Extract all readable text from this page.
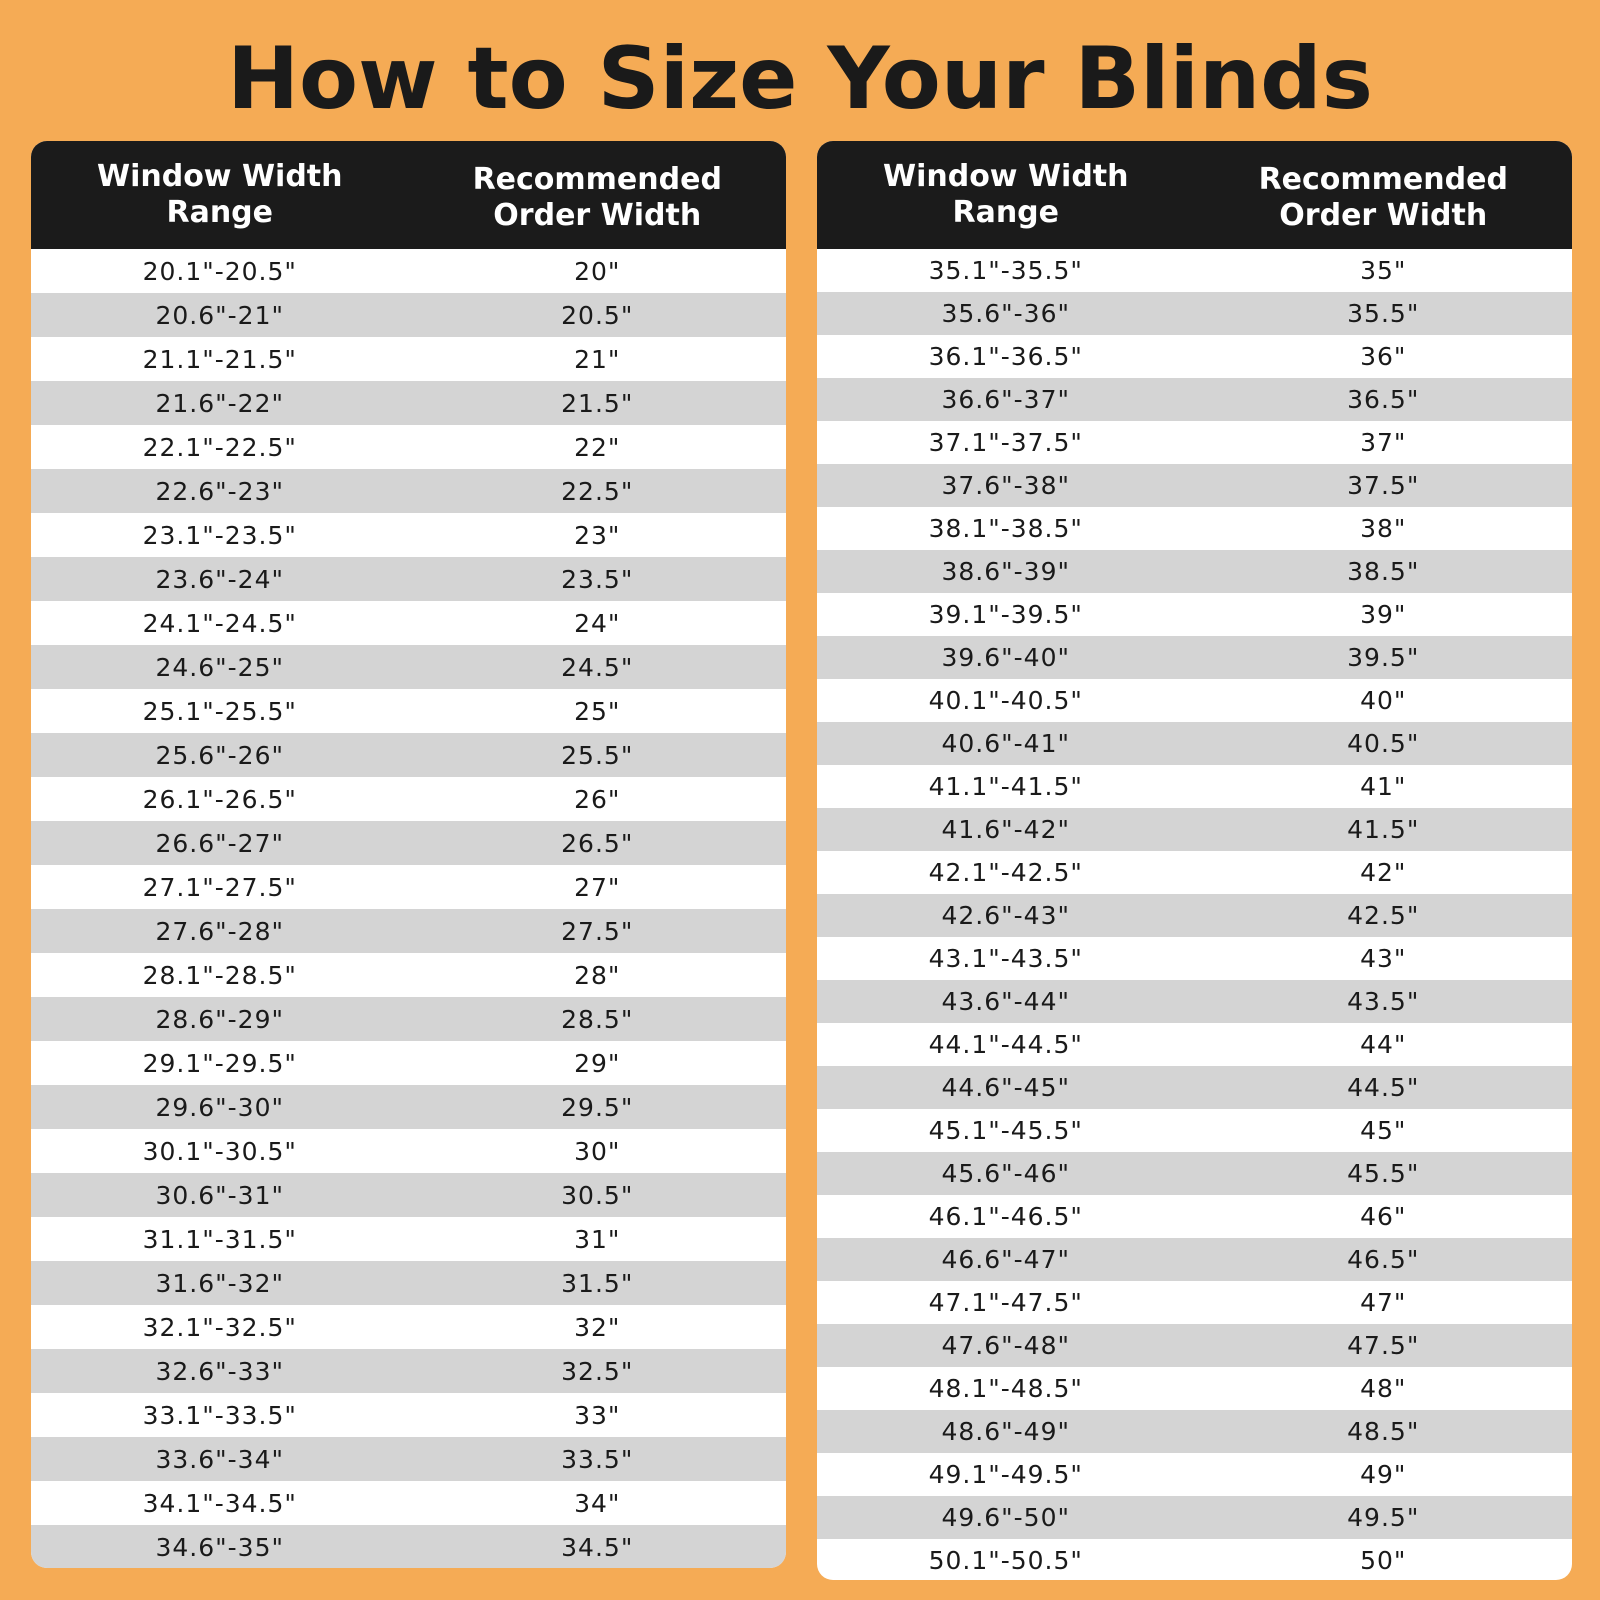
How to Size Your Blinds
Window Width
Range
Recommended
Order Width
20.1"-20.5"	20"
20.6"-21"	20.5"
21.1"-21.5"	21"
21.6"-22"	21.5"
22.1"-22.5"	22"
22.6"-23"	22.5"
23.1"-23.5"	23"
23.6"-24"	23.5"
24.1"-24.5"	24"
24.6"-25"	24.5"
25.1"-25.5"	25"
25.6"-26"	25.5"
26.1"-26.5"	26"
26.6"-27"	26.5"
27.1"-27.5"	27"
27.6"-28"	27.5"
28.1"-28.5"	28"
28.6"-29"	28.5"
29.1"-29.5"	29"
29.6"-30"	29.5"
30.1"-30.5"	30"
30.6"-31"	30.5"
31.1"-31.5"	31"
31.6"-32"	31.5"
32.1"-32.5"	32"
32.6"-33"	32.5"
33.1"-33.5"	33"
33.6"-34"	33.5"
34.1"-34.5"	34"
34.6"-35"	34.5"
Window Width
Range
Recommended
Order Width
35.1"-35.5"	35"
35.6"-36"	35.5"
36.1"-36.5"	36"
36.6"-37"	36.5"
37.1"-37.5"	37"
37.6"-38"	37.5"
38.1"-38.5"	38"
38.6"-39"	38.5"
39.1"-39.5"	39"
39.6"-40"	39.5"
40.1"-40.5"	40"
40.6"-41"	40.5"
41.1"-41.5"	41"
41.6"-42"	41.5"
42.1"-42.5"	42"
42.6"-43"	42.5"
43.1"-43.5"	43"
43.6"-44"	43.5"
44.1"-44.5"	44"
44.6"-45"	44.5"
45.1"-45.5"	45"
45.6"-46"	45.5"
46.1"-46.5"	46"
46.6"-47"	46.5"
47.1"-47.5"	47"
47.6"-48"	47.5"
48.1"-48.5"	48"
48.6"-49"	48.5"
49.1"-49.5"	49"
49.6"-50"	49.5"
50.1"-50.5"	50"
